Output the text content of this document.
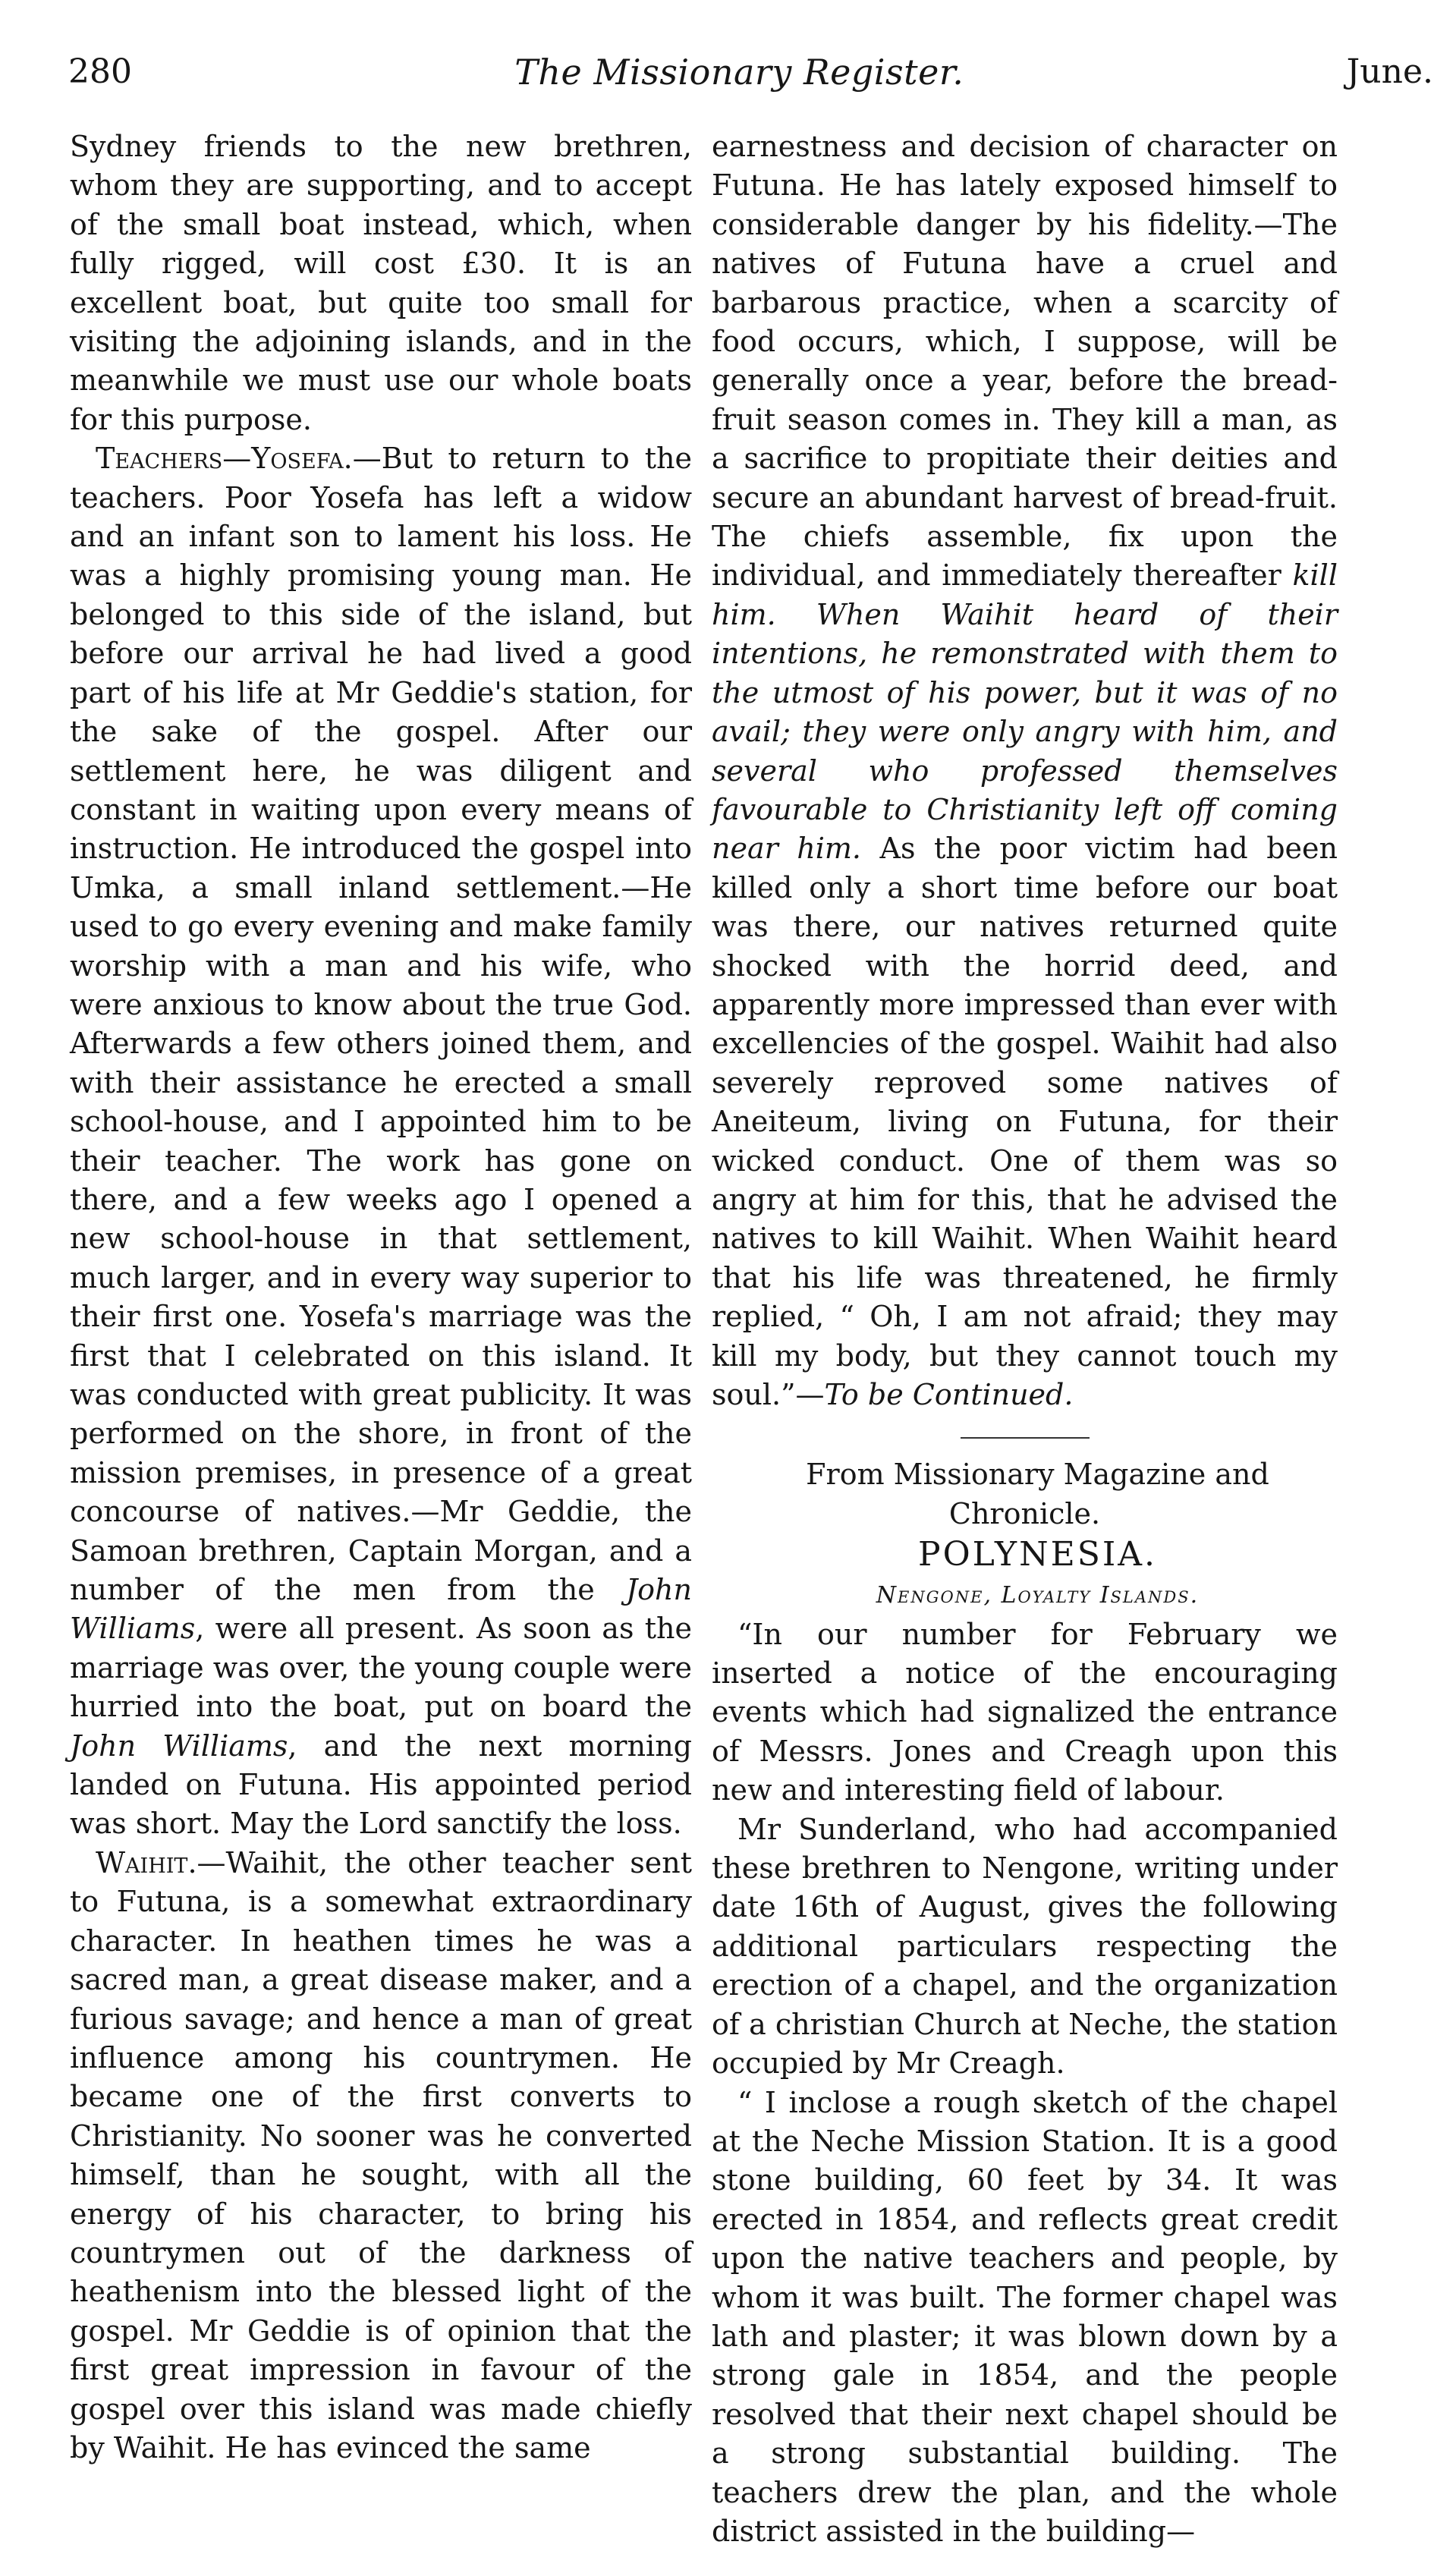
280	The Missionary Register.	June.

Sydney friends to the new brethren, whom they are supporting, and to accept of the small boat instead, which, when fully rigged, will cost £30. It is an excellent boat, but quite too small for visiting the adjoining islands, and in the meanwhile we must use our whole boats for this purpose.

Teachers—Yosefa.—But to return to the teachers. Poor Yosefa has left a widow and an infant son to lament his loss. He was a highly promising young man. He belonged to this side of the island, but before our arrival he had lived a good part of his life at Mr Geddie's station, for the sake of the gospel. After our settlement here, he was diligent and constant in waiting upon every means of instruction. He introduced the gospel into Umka, a small inland settlement.—He used to go every evening and make family worship with a man and his wife, who were anxious to know about the true God. Afterwards a few others joined them, and with their assistance he erected a small school-house, and I appointed him to be their teacher. The work has gone on there, and a few weeks ago I opened a new school-house in that settlement, much larger, and in every way superior to their first one. Yosefa's marriage was the first that I celebrated on this island. It was conducted with great publicity. It was performed on the shore, in front of the mission premises, in presence of a great concourse of natives.—Mr Geddie, the Samoan brethren, Captain Morgan, and a number of the men from the John Williams, were all present. As soon as the marriage was over, the young couple were hurried into the boat, put on board the John Williams, and the next morning landed on Futuna. His appointed period was short. May the Lord sanctify the loss.

Waihit.—Waihit, the other teacher sent to Futuna, is a somewhat extraordinary character. In heathen times he was a sacred man, a great disease maker, and a furious savage; and hence a man of great influence among his countrymen. He became one of the first converts to Christianity. No sooner was he converted himself, than he sought, with all the energy of his character, to bring his countrymen out of the darkness of heathenism into the blessed light of the gospel. Mr Geddie is of opinion that the first great impression in favour of the gospel over this island was made chiefly by Waihit. He has evinced the same

earnestness and decision of character on Futuna. He has lately exposed himself to considerable danger by his fidelity.—The natives of Futuna have a cruel and barbarous practice, when a scarcity of food occurs, which, I suppose, will be generally once a year, before the bread-fruit season comes in. They kill a man, as a sacrifice to propitiate their deities and secure an abundant harvest of bread-fruit. The chiefs assemble, fix upon the individual, and immediately thereafter kill him. When Waihit heard of their intentions, he remonstrated with them to the utmost of his power, but it was of no avail; they were only angry with him, and several who professed themselves favourable to Christianity left off coming near him. As the poor victim had been killed only a short time before our boat was there, our natives returned quite shocked with the horrid deed, and apparently more impressed than ever with excellencies of the gospel. Waihit had also severely reproved some natives of Aneiteum, living on Futuna, for their wicked conduct. One of them was so angry at him for this, that he advised the natives to kill Waihit. When Waihit heard that his life was threatened, he firmly replied, “ Oh, I am not afraid; they may kill my body, but they cannot touch my soul.”—To be Continued.

From Missionary Magazine and Chronicle.

POLYNESIA.

Nengone, Loyalty Islands.

“In our number for February we inserted a notice of the encouraging events which had signalized the entrance of Messrs. Jones and Creagh upon this new and interesting field of labour.

Mr Sunderland, who had accompanied these brethren to Nengone, writing under date 16th of August, gives the following additional particulars respecting the erection of a chapel, and the organization of a christian Church at Neche, the station occupied by Mr Creagh.

“ I inclose a rough sketch of the chapel at the Neche Mission Station. It is a good stone building, 60 feet by 34. It was erected in 1854, and reflects great credit upon the native teachers and people, by whom it was built. The former chapel was lath and plaster; it was blown down by a strong gale in 1854, and the people resolved that their next chapel should be a strong substantial building. The teachers drew the plan, and the whole district assisted in the building—
